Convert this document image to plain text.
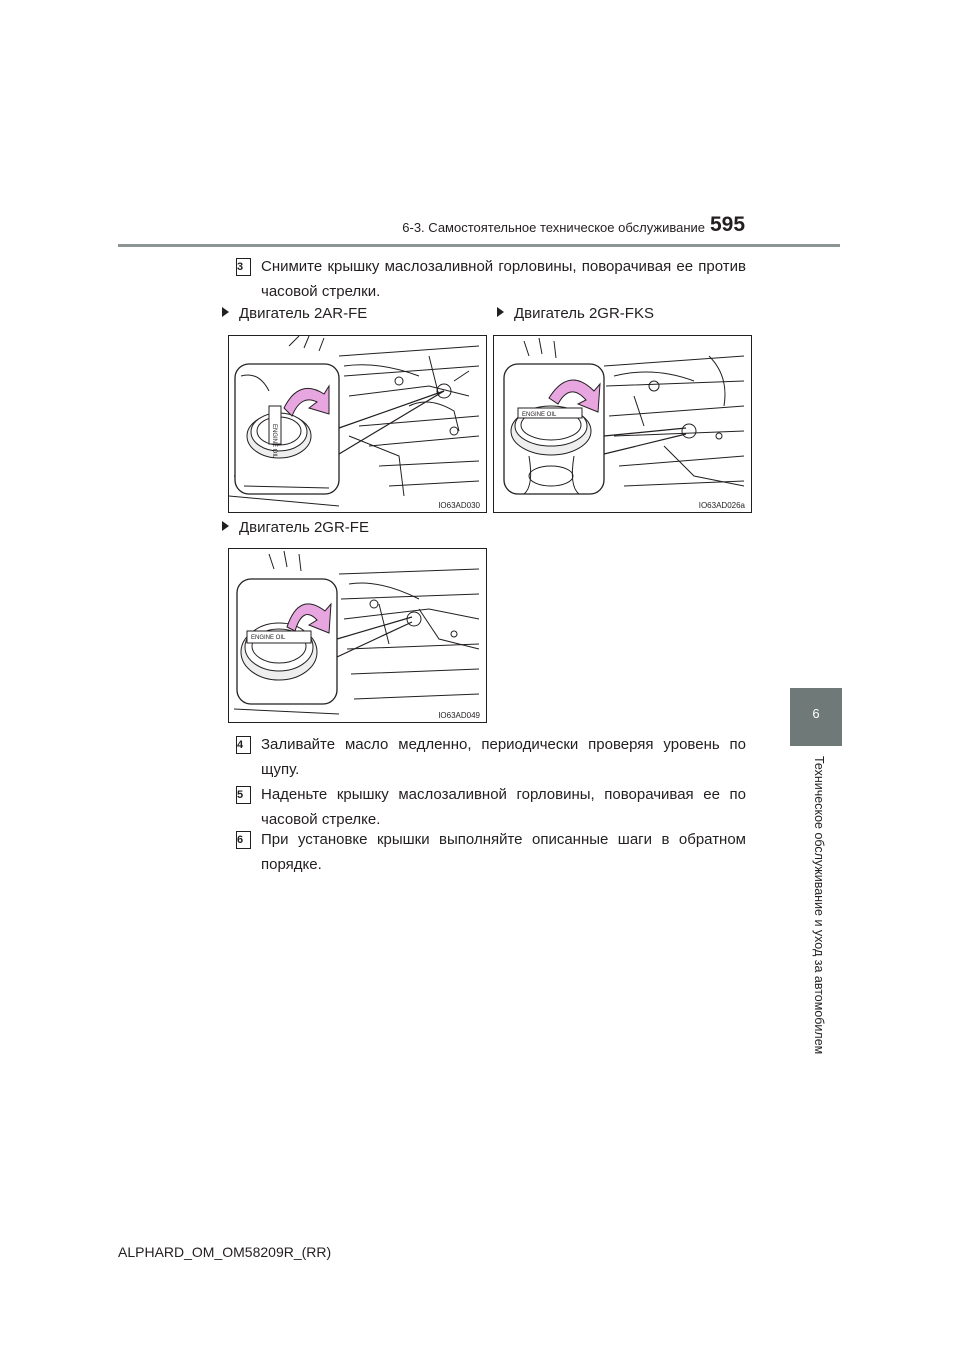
6-3. Самостоятельное техническое обслуживание 595
6
Техническое обслуживание и уход за автомобилем
3	Снимите крышку маслозаливной горловины, поворачивая ее против часовой стрелки.
Двигатель 2AR-FE	Двигатель 2GR-FKS
ENGINE OIL
IO63AD030
ENGINE OIL
IO63AD026a
Двигатель 2GR-FE
ENGINE OIL
IO63AD049
4	Заливайте масло медленно, периодически проверяя уровень по щупу.
5	Наденьте крышку маслозаливной горловины, поворачивая ее по часовой стрелке.
6	При установке крышки выполняйте описанные шаги в обратном порядке.
ALPHARD_OM_OM58209R_(RR)
